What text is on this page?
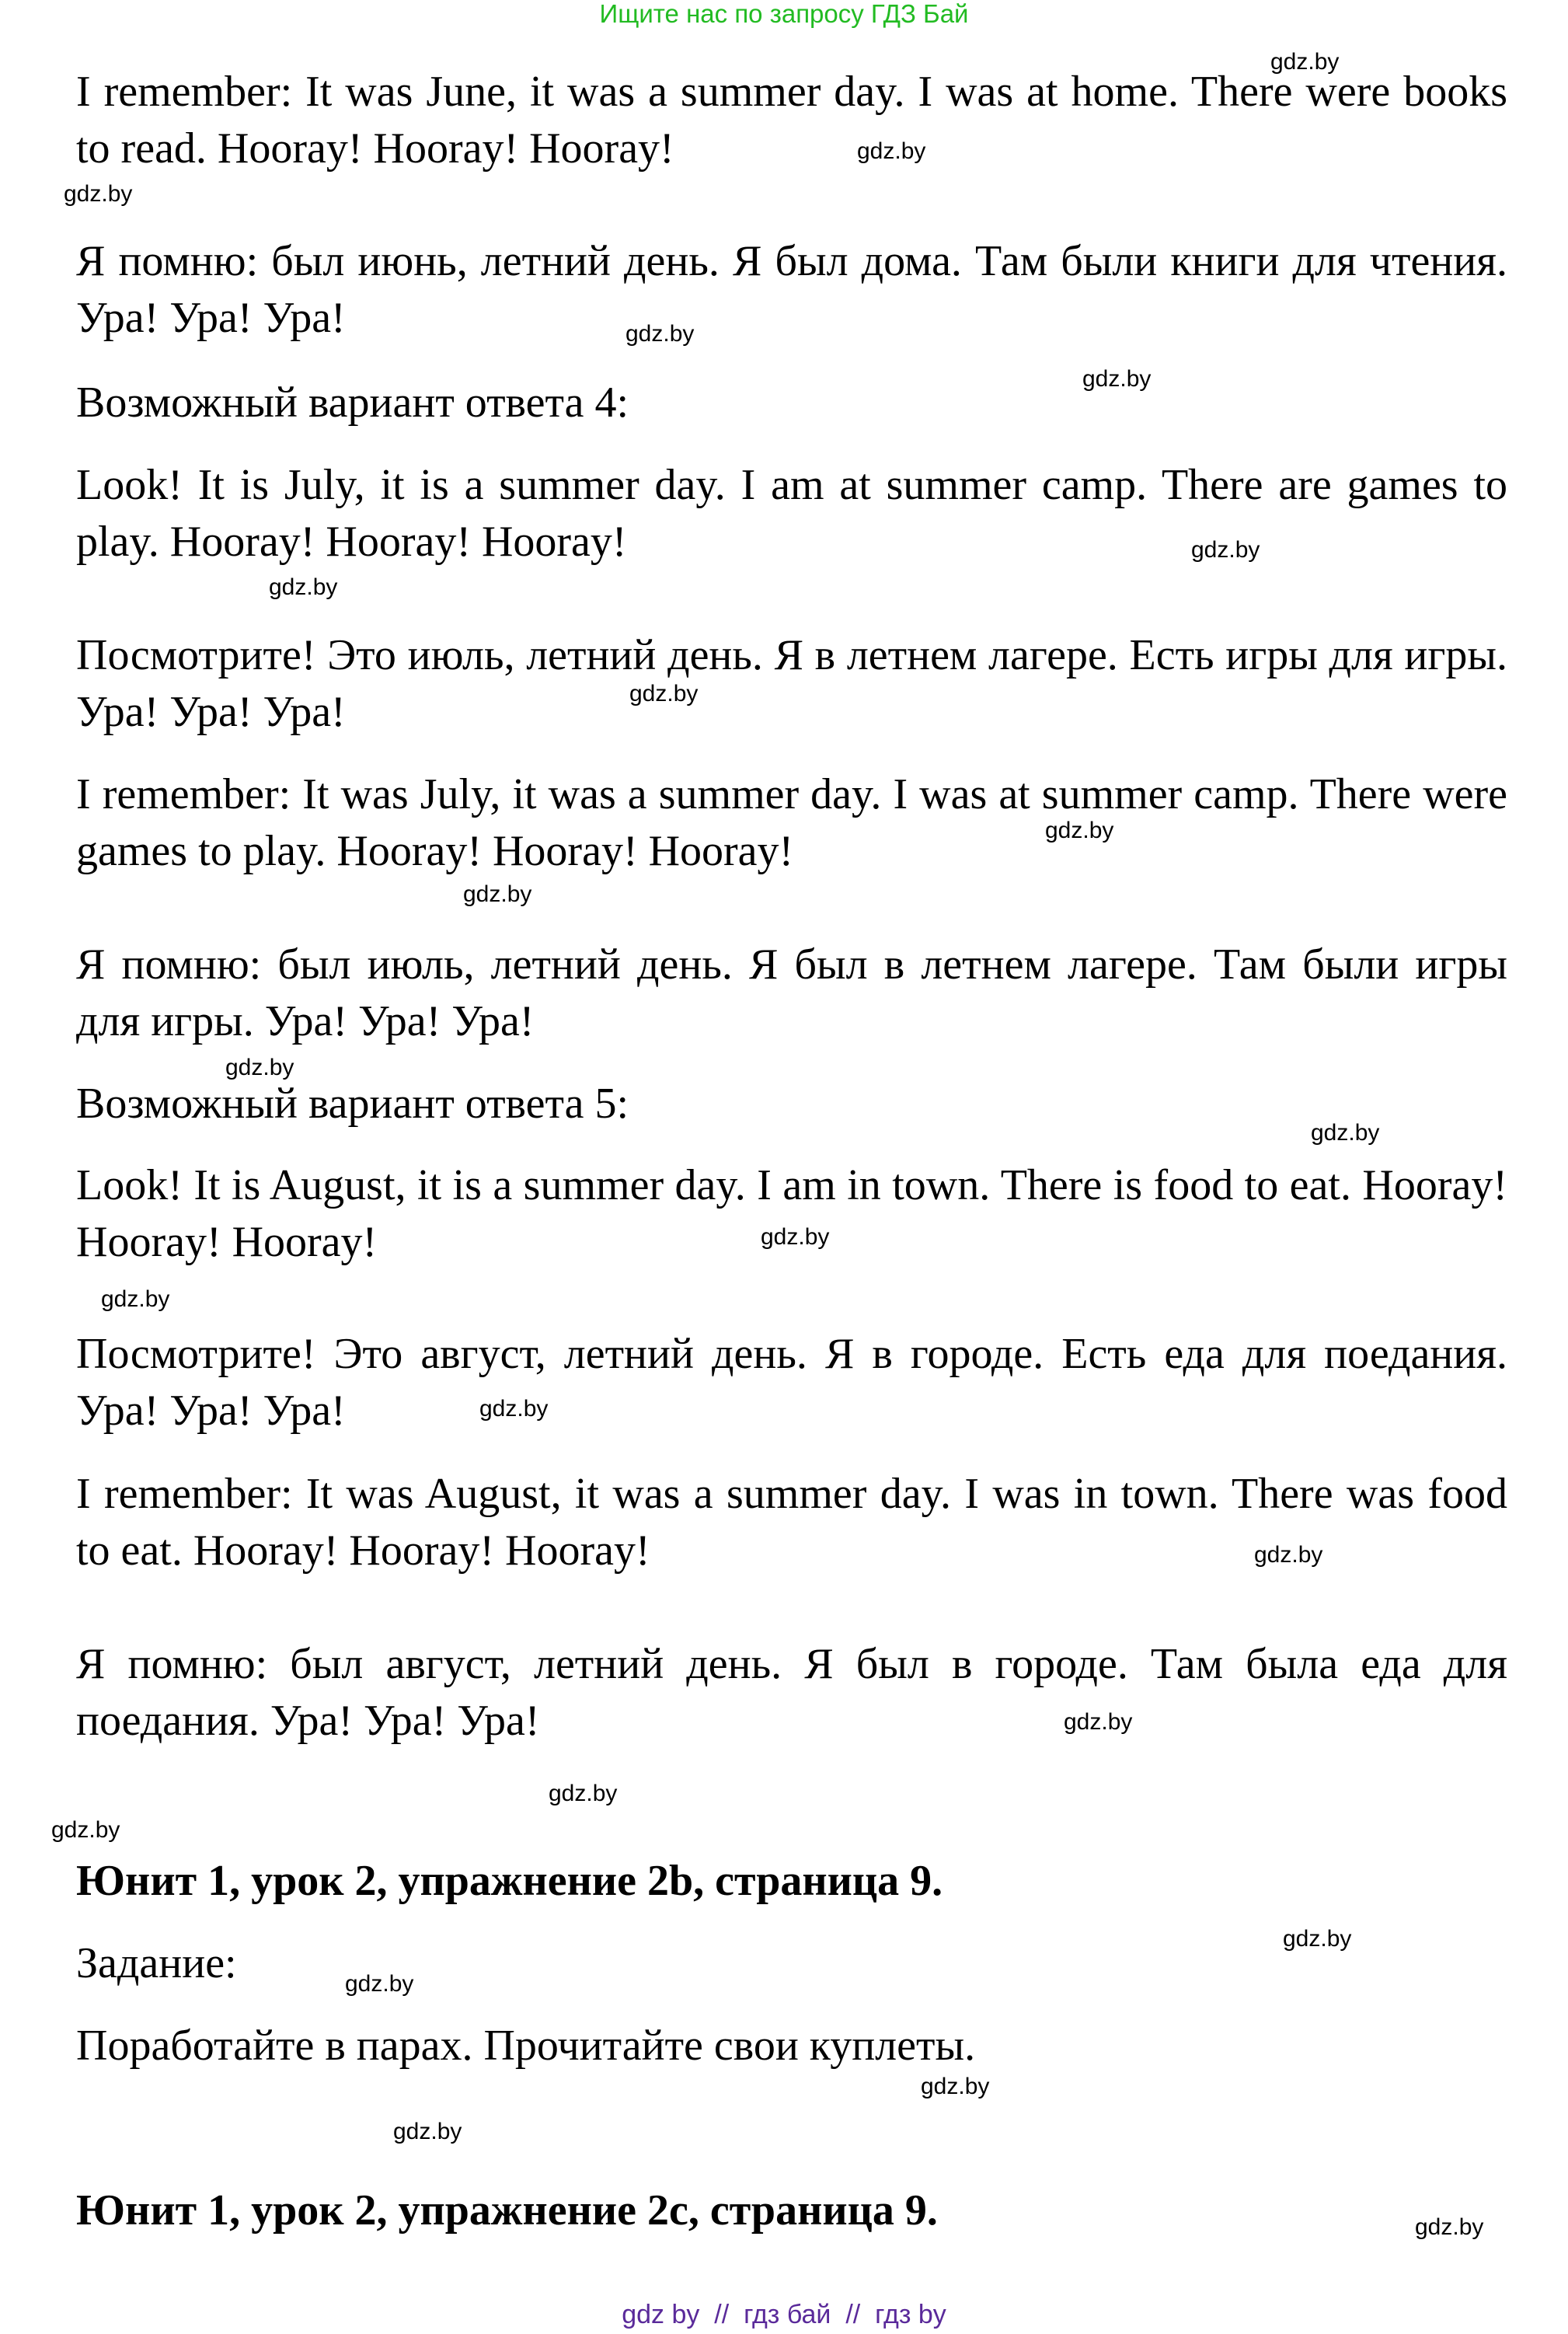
Ищите нас по запросу ГДЗ Бай
I remember: It was June, it was a summer day. I was at home. There were books to read. Hooray! Hooray! Hooray!
Я помню: был июнь, летний день. Я был дома. Там были книги для чтения. Ура! Ура! Ура!
Возможный вариант ответа 4:
Look! It is July, it is a summer day. I am at summer camp. There are games to play. Hooray! Hooray! Hooray!
Посмотрите! Это июль, летний день. Я в летнем лагере. Есть игры для игры. Ура! Ура! Ура!
I remember: It was July, it was a summer day. I was at summer camp. There were games to play. Hooray! Hooray! Hooray!
Я помню: был июль, летний день. Я был в летнем лагере. Там были игры для игры. Ура! Ура! Ура!
Возможный вариант ответа 5:
Look! It is August, it is a summer day. I am in town. There is food to eat. Hooray! Hooray! Hooray!
Посмотрите! Это август, летний день. Я в городе. Есть еда для поедания. Ура! Ура! Ура!
I remember: It was August, it was a summer day. I was in town. There was food to eat. Hooray! Hooray! Hooray!
Я помню: был август, летний день. Я был в городе. Там была еда для поедания. Ура! Ура! Ура!
Юнит 1, урок 2, упражнение 2b, страница 9.
Задание:
Поработайте в парах. Прочитайте свои куплеты.
Юнит 1, урок 2, упражнение 2c, страница 9.
gdz.by
gdz.by
gdz.by
gdz.by
gdz.by
gdz.by
gdz.by
gdz.by
gdz.by
gdz.by
gdz.by
gdz.by
gdz.by
gdz.by
gdz.by
gdz.by
gdz.by
gdz.by
gdz.by
gdz.by
gdz.by
gdz.by
gdz.by
gdz.by
gdz by  //  гдз бай  //  гдз by
